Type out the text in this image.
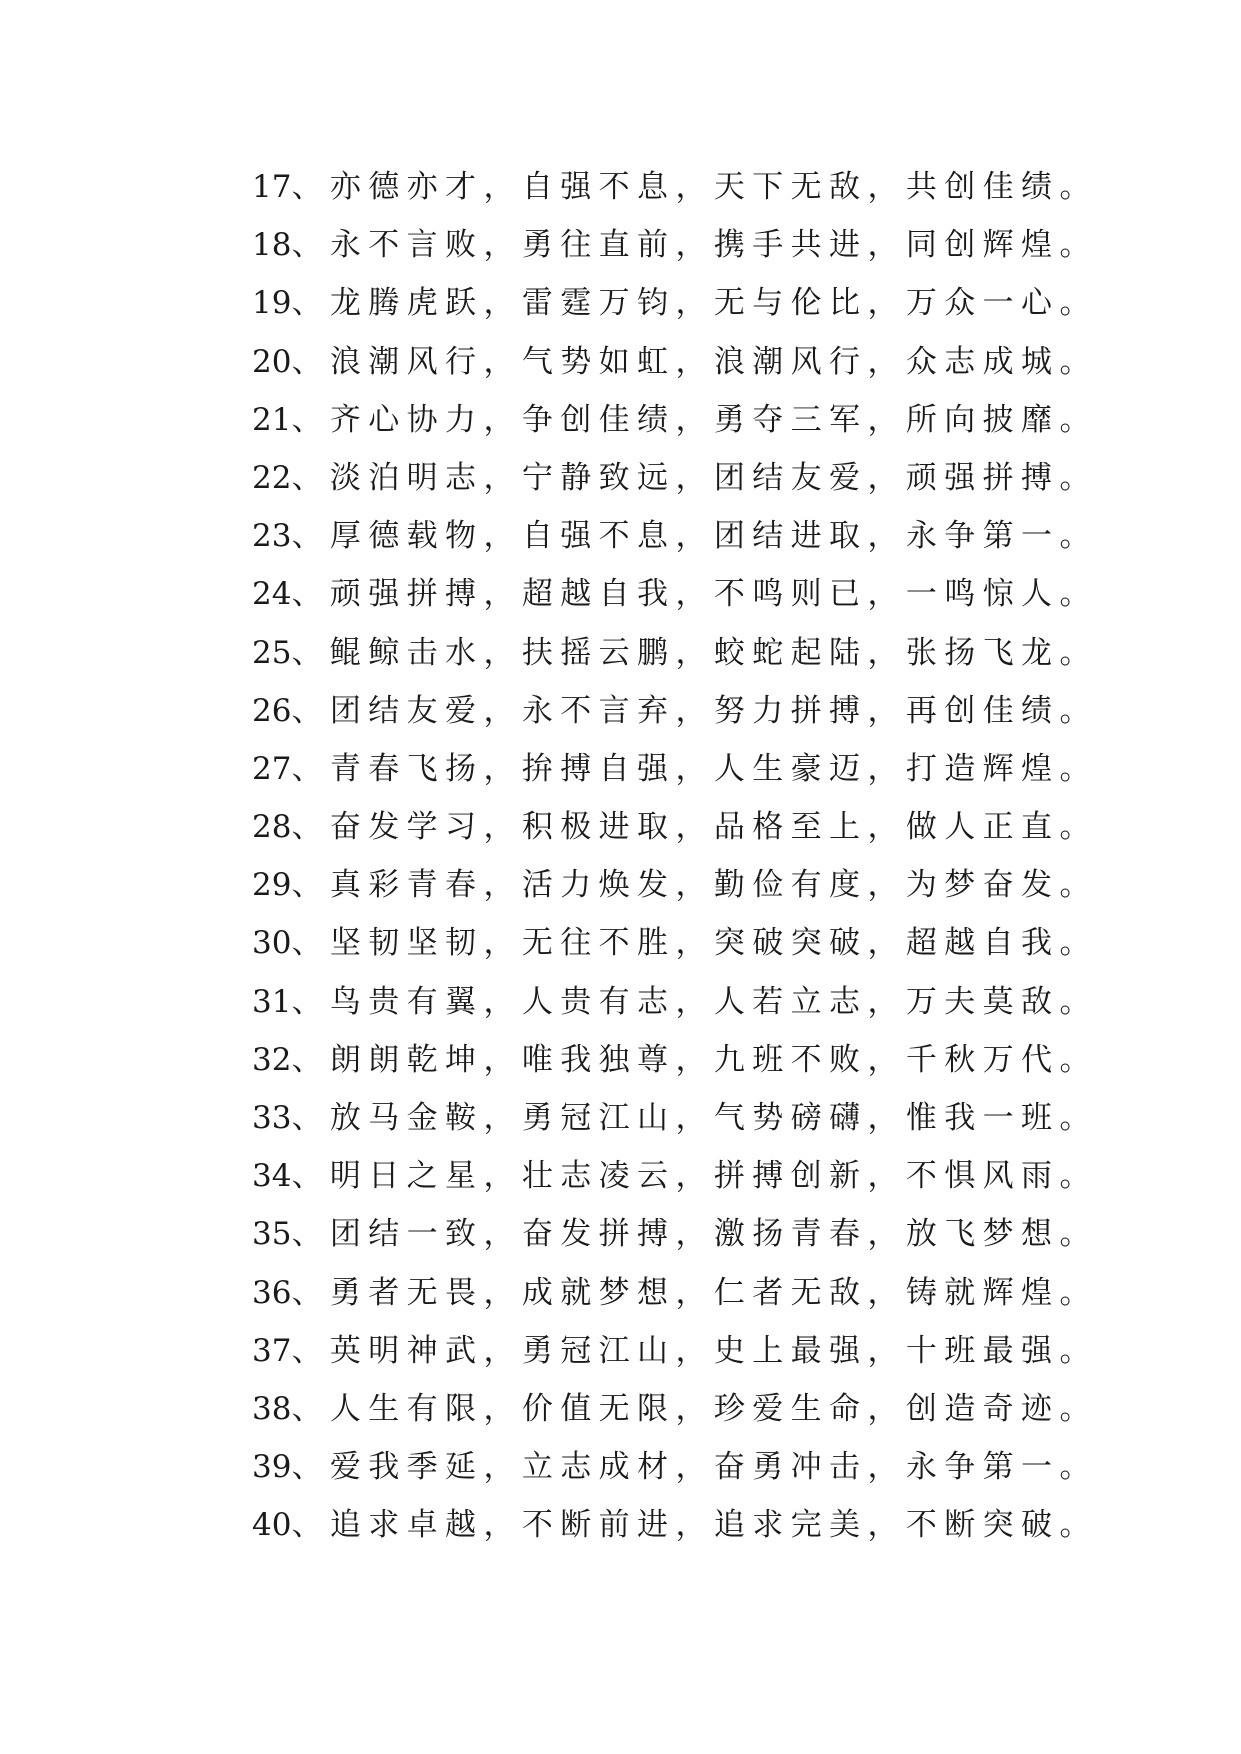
17、亦德亦才，自强不息，天下无敌，共创佳绩。
18、永不言败，勇往直前，携手共进，同创辉煌。
19、龙腾虎跃，雷霆万钧，无与伦比，万众一心。
20、浪潮风行，气势如虹，浪潮风行，众志成城。
21、齐心协力，争创佳绩，勇夺三军，所向披靡。
22、淡泊明志，宁静致远，团结友爱，顽强拼搏。
23、厚德载物，自强不息，团结进取，永争第一。
24、顽强拼搏，超越自我，不鸣则已，一鸣惊人。
25、鲲鲸击水，扶摇云鹏，蛟蛇起陆，张扬飞龙。
26、团结友爱，永不言弃，努力拼搏，再创佳绩。
27、青春飞扬，拚搏自强，人生豪迈，打造辉煌。
28、奋发学习，积极进取，品格至上，做人正直。
29、真彩青春，活力焕发，勤俭有度，为梦奋发。
30、坚韧坚韧，无往不胜，突破突破，超越自我。
31、鸟贵有翼，人贵有志，人若立志，万夫莫敌。
32、朗朗乾坤，唯我独尊，九班不败，千秋万代。
33、放马金鞍，勇冠江山，气势磅礴，惟我一班。
34、明日之星，壮志凌云，拼搏创新，不惧风雨。
35、团结一致，奋发拼搏，激扬青春，放飞梦想。
36、勇者无畏，成就梦想，仁者无敌，铸就辉煌。
37、英明神武，勇冠江山，史上最强，十班最强。
38、人生有限，价值无限，珍爱生命，创造奇迹。
39、爱我季延，立志成材，奋勇冲击，永争第一。
40、追求卓越，不断前进，追求完美，不断突破。
